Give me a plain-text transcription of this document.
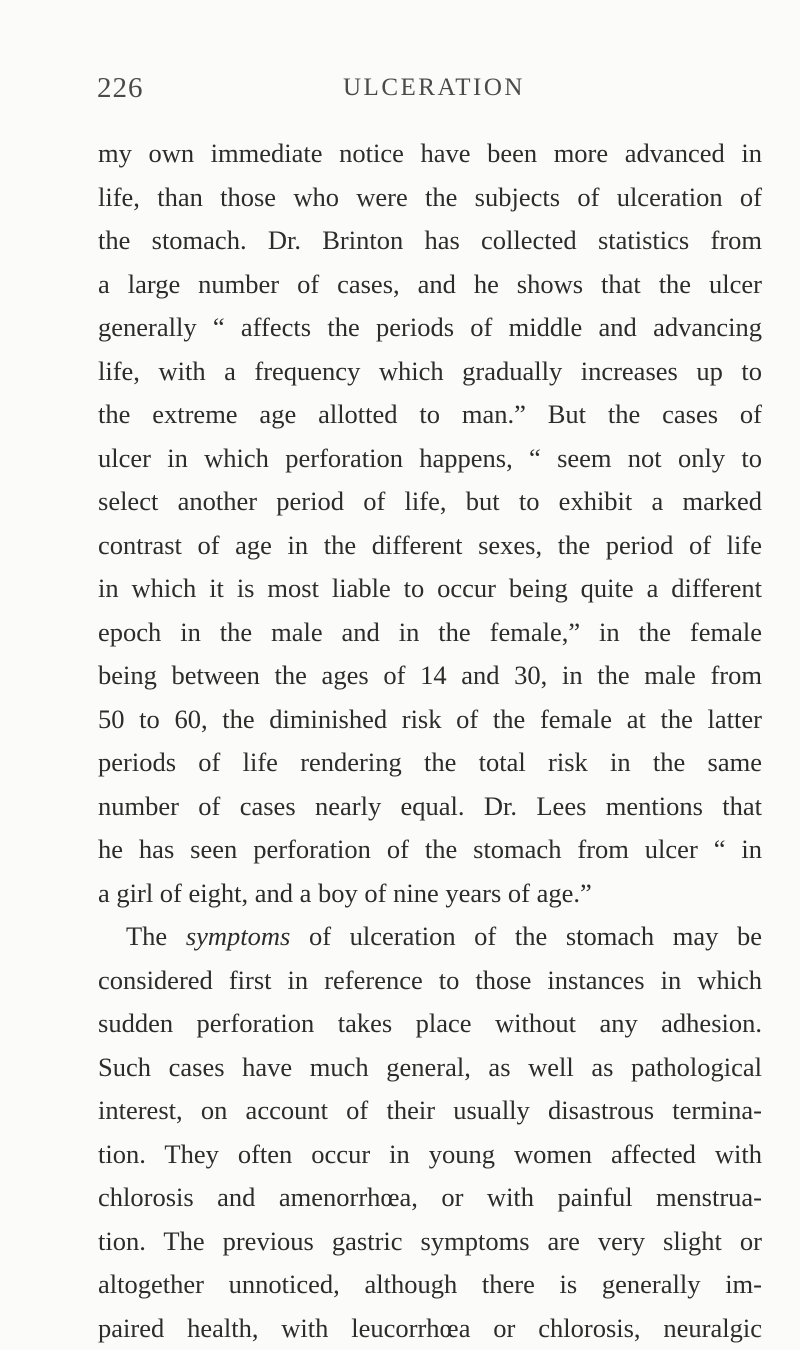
226	ULCERATION
my own immediate notice have been more advanced in
life, than those who were the subjects of ulceration of
the stomach. Dr. Brinton has collected statistics from
a large number of cases, and he shows that the ulcer
generally “ affects the periods of middle and advancing
life, with a frequency which gradually increases up to
the extreme age allotted to man.” But the cases of
ulcer in which perforation happens, “ seem not only to
select another period of life, but to exhibit a marked
contrast of age in the different sexes, the period of life
in which it is most liable to occur being quite a different
epoch in the male and in the female,” in the female
being between the ages of 14 and 30, in the male from
50 to 60, the diminished risk of the female at the latter
periods of life rendering the total risk in the same
number of cases nearly equal. Dr. Lees mentions that
he has seen perforation of the stomach from ulcer “ in
a girl of eight, and a boy of nine years of age.”
The symptoms of ulceration of the stomach may be
considered first in reference to those instances in which
sudden perforation takes place without any adhesion.
Such cases have much general, as well as pathological
interest, on account of their usually disastrous termina-
tion. They often occur in young women affected with
chlorosis and amenorrhœa, or with painful menstrua-
tion. The previous gastric symptoms are very slight or
altogether unnoticed, although there is generally im-
paired health, with leucorrhœa or chlorosis, neuralgic
